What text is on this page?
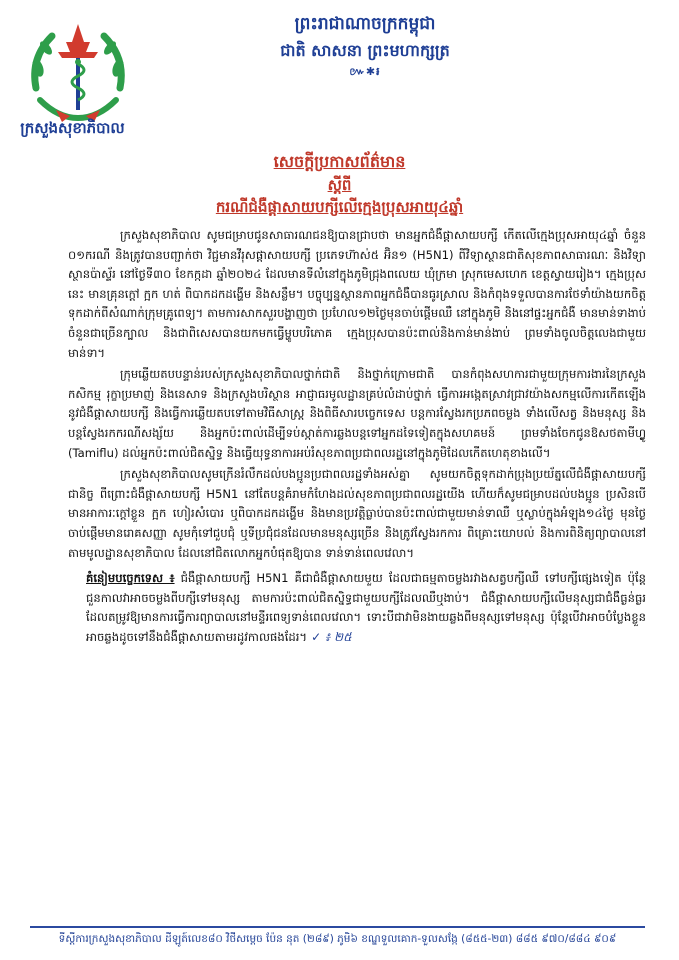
ព្រះរាជាណាចក្រកម្ពុជា
ជាតិ សាសនា ព្រះមហាក្សត្រ
៚✱៛
ក្រសួងសុខាភិបាល
សេចក្តីប្រកាសព័ត៌មាន
ស្តីពី
ករណីជំងឺផ្តាសាយបក្សីលើក្មេងប្រុសអាយុ៤ឆ្នាំ

ក្រសួងសុខាភិបាល សូមជម្រាបជូនសាធារណជនឱ្យបានជ្រាបថា មានអ្នកជំងឺផ្តាសាយបក្សី កើតលើក្មេងប្រុសអាយុ៤ឆ្នាំ ចំនួន ០១ករណី និងត្រូវបានបញ្ជាក់ថា វិជ្ជមានវីរុសផ្តាសាយបក្សី ប្រភេទហ៊ាស់៥ អ៊ិន១ (H5N1) ពីវិទ្យាស្ថានជាតិសុខភាពសាធារណៈ និងវិទ្យាស្ថានប៉ាស្ទ័រ នៅថ្ងៃទី៣០ ខែកក្កដា ឆ្នាំ២០២៤ ដែលមានទីលំនៅក្នុងភូមិជ្រុងពលេយ ឃុំក្រមា ស្រុកមេសហេក ខេត្តស្វាយរៀង។ ក្មេងប្រុសនេះ មានគ្រុនក្តៅ ក្អក ហត់ ពិបាកដកដង្ហើម និងសន្លឹម។ បច្ចុប្បន្នស្ថានភាពអ្នកជំងឺបានធូរស្រាល និងកំពុងទទួលបានការថែទាំយ៉ាងយកចិត្តទុកដាក់ពីសំណាក់ក្រុមគ្រូពេទ្យ។ តាមការសាកសួរបង្ហាញថា ប្រហែល១២ថ្ងៃមុនចាប់ផ្តើមឈឺ នៅក្នុងភូមិ និងនៅផ្ទះអ្នកជំងឺ មានមាន់ទាងាប់ចំនួនជាច្រើនក្បាល និងជាពិសេសបានយកមកធ្វើម្ហូបបរិភោគ ក្មេងប្រុសបានប៉ះពាល់និងកាន់មាន់ងាប់ ព្រមទាំងចូលចិត្តលេងជាមួយមាន់ទា។

ក្រុមឆ្លើយតបបន្ទាន់របស់ក្រសួងសុខាភិបាលថ្នាក់ជាតិ និងថ្នាក់ក្រោមជាតិ បានកំពុងសហការជាមួយក្រុមការងារនៃក្រសួងកសិកម្ម រុក្ខាប្រមាញ់ និងនេសាទ និងក្រសួងបរិស្ថាន អាជ្ញាធរមូលដ្ឋានគ្រប់លំដាប់ថ្នាក់ ធ្វើការអង្កេតស្រាវជ្រាវយ៉ាងសកម្មលើការកើតឡើងនូវជំងឺផ្តាសាយបក្សី និងធ្វើការឆ្លើយតបទៅតាមវិធីសាស្ត្រ និងពិធីសារបច្ចេកទេស បន្តការស្វែងរកប្រភពចម្លង ទាំងលើសត្វ និងមនុស្ស និងបន្តស្វែងរកករណីសង្ស័យ និងអ្នកប៉ះពាល់ដើម្បីទប់ស្កាត់ការឆ្លងបន្តទៅអ្នកដទៃទៀតក្នុងសហគមន៍ ព្រមទាំងចែកជូនឱសថតាមីហ្វ្លូ (Tamiflu) ដល់អ្នកប៉ះពាល់ជិតស្និទ្ធ និងធ្វើយុទ្ធនាការអប់រំសុខភាពប្រជាពលរដ្ឋនៅក្នុងភូមិដែលកើតហេតុខាងលើ។

ក្រសួងសុខាភិបាលសូមក្រើនរំលឹកដល់បងប្អូនប្រជាពលរដ្ឋទាំងអស់គ្នា សូមយកចិត្តទុកដាក់ប្រុងប្រយ័ត្នលើជំងឺផ្តាសាយបក្សីជានិច្ច ពីព្រោះជំងឺផ្តាសាយបក្សី H5N1 នៅតែបន្តគំរាមកំហែងដល់សុខភាពប្រជាពលរដ្ឋយើង ហើយក៏សូមជម្រាបដល់បងប្អូន ប្រសិនបើមានអាការៈក្តៅខ្លួន ក្អក ហៀរសំបោរ ឬពិបាកដកដង្ហើម និងមានប្រវត្តិធ្លាប់បានប៉ះពាល់ជាមួយមាន់ទាឈឺ ឬស្លាប់ក្នុងអំឡុង១៤ថ្ងៃ មុនថ្ងៃចាប់ផ្តើមមានរោគសញ្ញា សូមកុំទៅជួបជុំ ឬទីប្រជុំជនដែលមានមនុស្សច្រើន និងត្រូវស្វែងរកការ ពិគ្រោះយោបល់ និងការពិនិត្យព្យាបាលនៅតាមមូលដ្ឋានសុខាភិបាល ដែលនៅជិតលោកអ្នកបំផុតឱ្យបាន ទាន់ទាន់ពេលវេលា។

គំនៀមបច្ចេកទេស ៖ ជំងឺផ្តាសាយបក្សី H5N1 គឺជាជំងឺផ្តាសាយមួយ ដែលជាធម្មតាចម្លងរវាងសត្វបក្សីឈឺ ទៅបក្សីផ្សេងទៀត ប៉ុន្តែជួនកាលវាអាចចម្លងពីបក្សីទៅមនុស្ស តាមការប៉ះពាល់ជិតស្និទ្ធជាមួយបក្សីដែលឈឺឬងាប់។ ជំងឺផ្តាសាយបក្សីលើមនុស្សជាជំងឺធ្ងន់ធ្ងរ ដែលតម្រូវឱ្យមានការធ្វើការព្យាបាលនៅមន្ទីរពេទ្យទាន់ពេលវេលា។ ទោះបីជាវាមិនងាយឆ្លងពីមនុស្សទៅមនុស្ស ប៉ុន្តែបើវាអាចបំប្លែងខ្លួនអាចឆ្លងដូចទៅនឹងជំងឺផ្តាសាយតាមរដូវកាលផងដែរ។ ✓ ៖ ២៥

ទីស្តីការក្រសួងសុខាភិបាល ដីឡូត៍លេខ៨០ វិថីសម្តេច ប៉ែន នុត (២៨៩) ភូមិ៦ ខណ្ឌទួលគោក-ទួលសង្កែ (៨៥៥-២៣) ៨៨៥ ៩៧០/៨៨៤ ៩០៩
